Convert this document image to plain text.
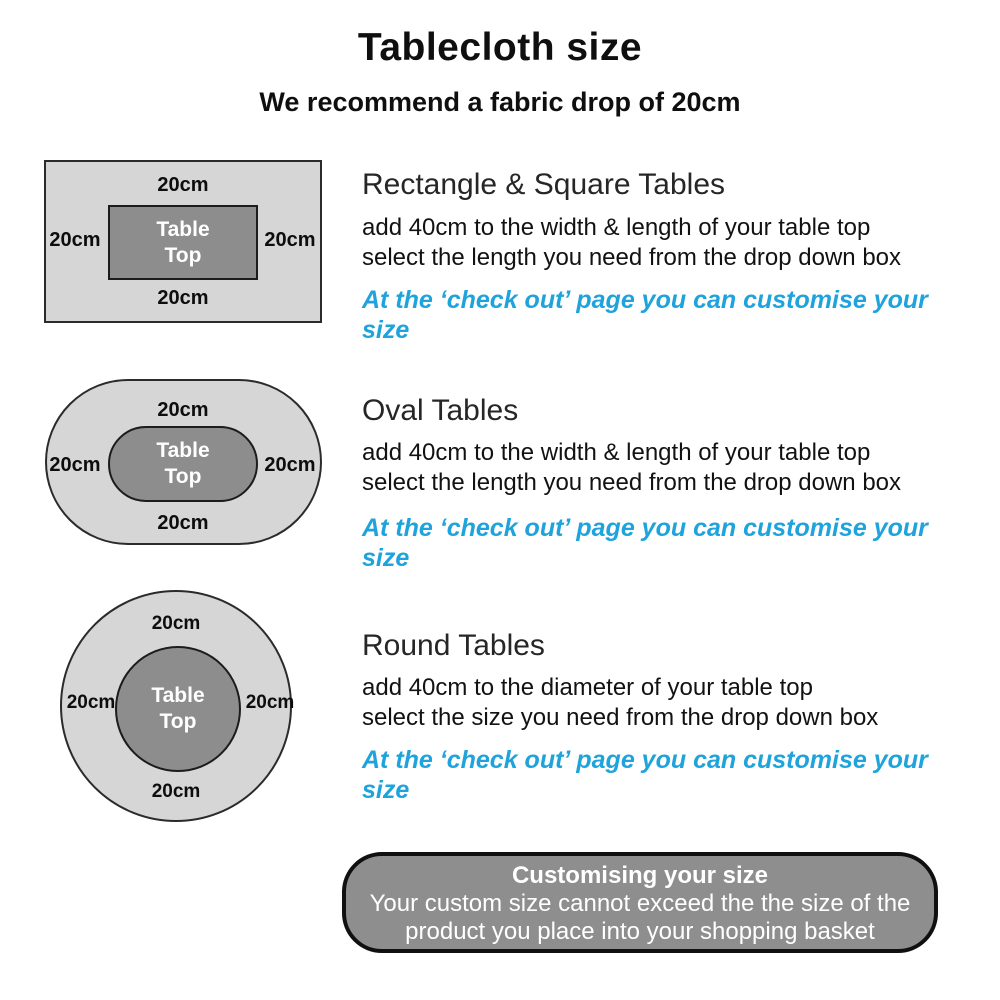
Tablecloth size
We recommend a fabric drop of 20cm
Table
Top
20cm
20cm	20cm
20cm
Rectangle & Square Tables
add 40cm to the width & length of your table top
select the length you need from the drop down box
At the ‘check out’ page you can customise your size
Table
Top
20cm
20cm	20cm
20cm
Oval Tables
add 40cm to the width & length of your table top
select the length you need from the drop down box
At the ‘check out’ page you can customise your size
Table
Top
20cm
20cm	20cm
20cm
Round Tables
add 40cm to the diameter of your table top
select the size you need from the drop down box
At the ‘check out’ page you can customise your size
Customising your size
Your custom size cannot exceed the the size of the
product you place into your shopping basket
